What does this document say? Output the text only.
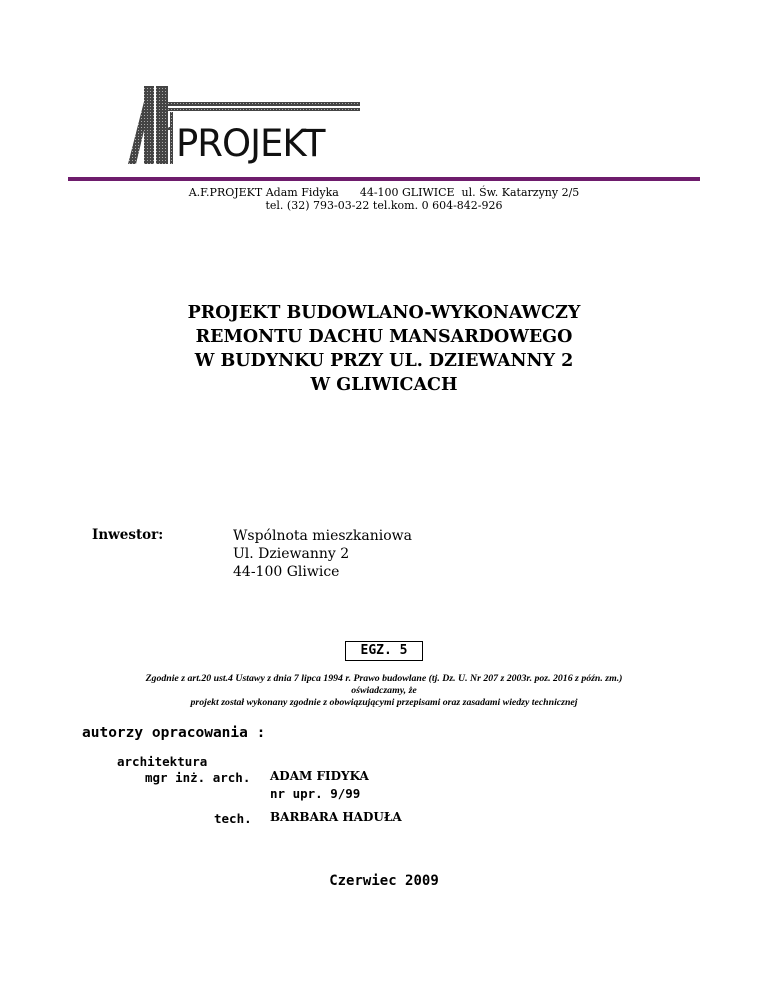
PROJEKT
A.F.PROJEKT Adam Fidyka      44-100 GLIWICE  ul. Św. Katarzyny 2/5
tel. (32) 793-03-22 tel.kom. 0 604-842-926
PROJEKT BUDOWLANO-WYKONAWCZY
REMONTU DACHU MANSARDOWEGO
W BUDYNKU PRZY UL. DZIEWANNY 2
W GLIWICACH
Inwestor:	Wspólnota mieszkaniowa
Ul. Dziewanny 2
44-100 Gliwice
EGZ. 5
Zgodnie z art.20 ust.4 Ustawy z dnia 7 lipca 1994 r. Prawo budowlane (tj. Dz. U. Nr 207 z 2003r. poz. 2016 z późn. zm.)
oświadczamy, że
projekt został wykonany zgodnie z obowiązującymi przepisami oraz zasadami wiedzy technicznej
autorzy opracowania :
architektura
mgr inż. arch. ADAM FIDYKA
nr upr. 9/99
tech. BARBARA HADUŁA
Czerwiec 2009
